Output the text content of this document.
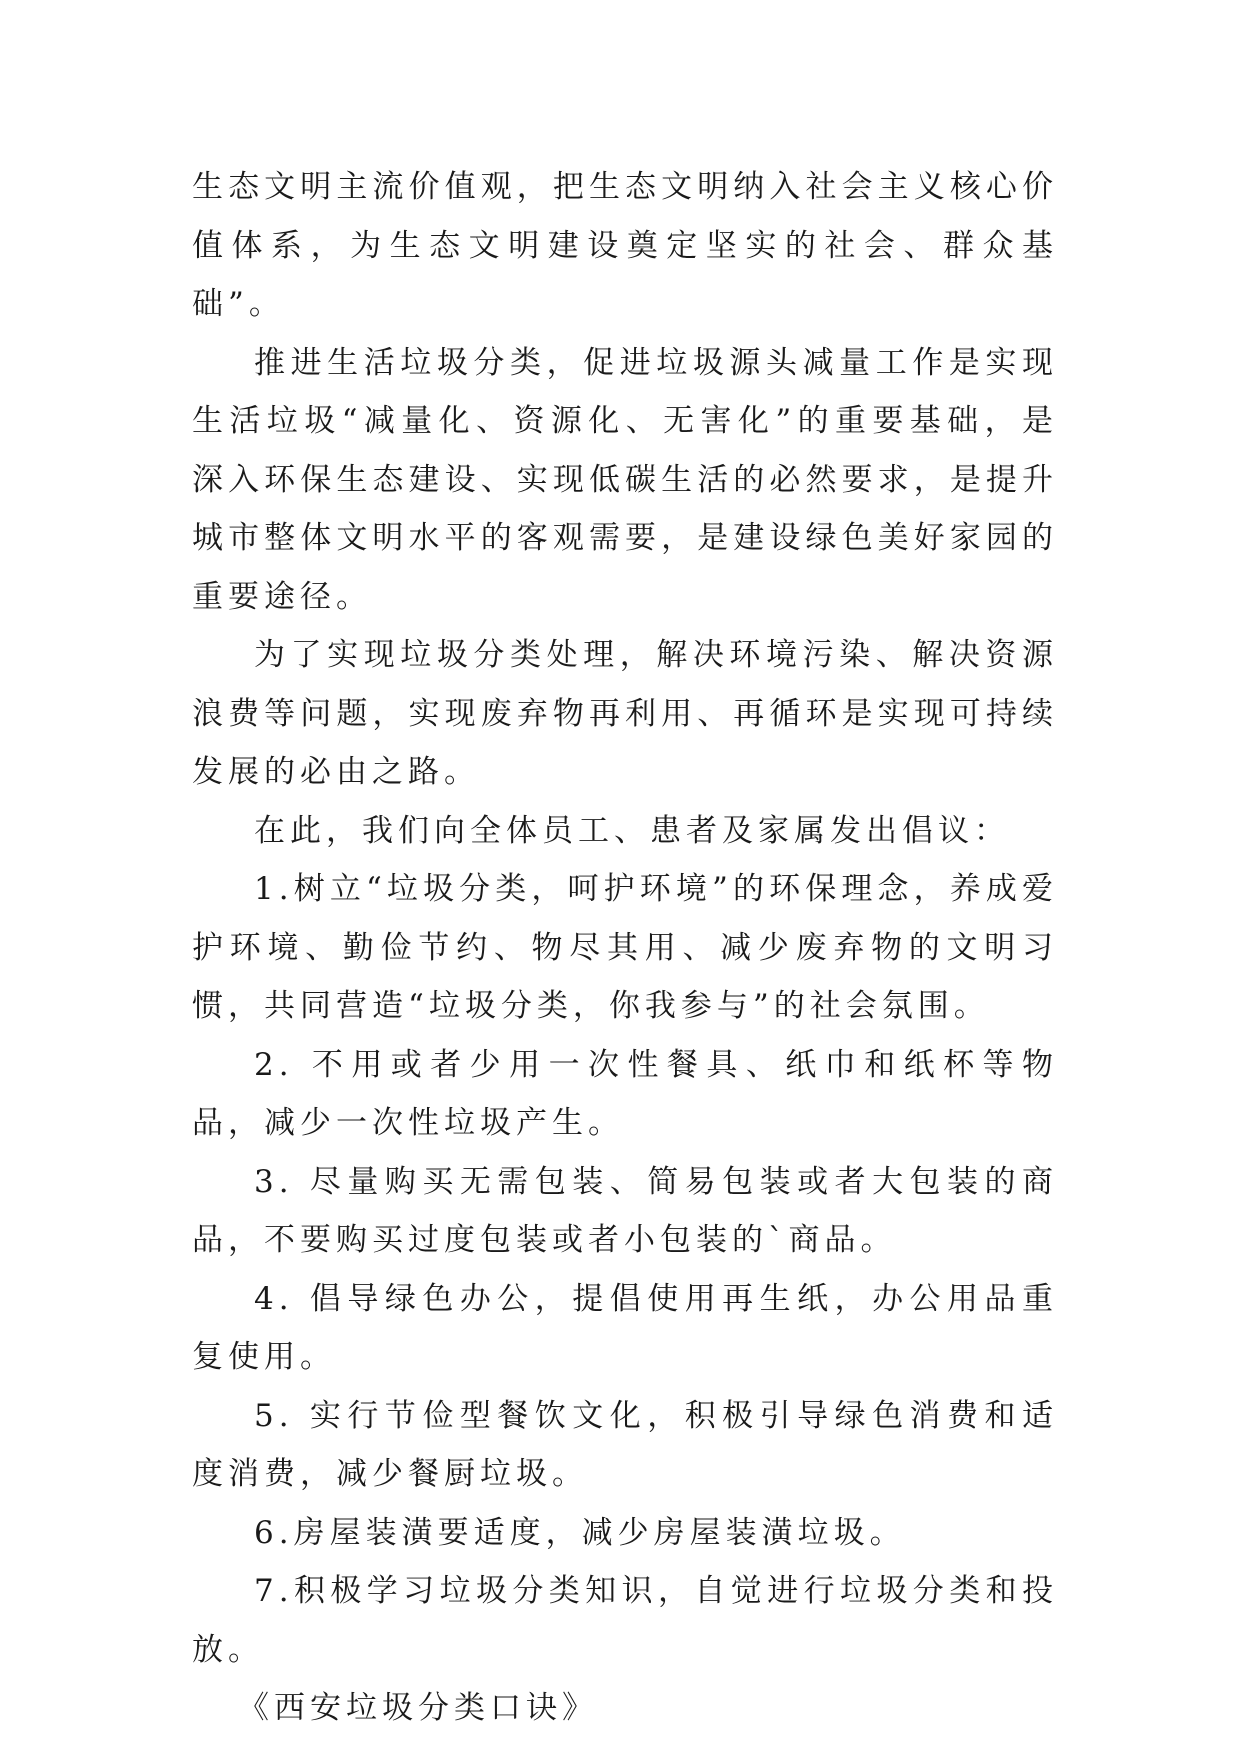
生态文明主流价值观，把生态文明纳入社会主义核心价值体系，为生态文明建设奠定坚实的社会、群众基础”。

推进生活垃圾分类，促进垃圾源头减量工作是实现生活垃圾“减量化、资源化、无害化”的重要基础，是深入环保生态建设、实现低碳生活的必然要求，是提升城市整体文明水平的客观需要，是建设绿色美好家园的重要途径。

为了实现垃圾分类处理，解决环境污染、解决资源浪费等问题，实现废弃物再利用、再循环是实现可持续发展的必由之路。

在此，我们向全体员工、患者及家属发出倡议：

1.树立“垃圾分类，呵护环境”的环保理念，养成爱护环境、勤俭节约、物尽其用、减少废弃物的文明习惯，共同营造“垃圾分类，你我参与”的社会氛围。

2. 不用或者少用一次性餐具、纸巾和纸杯等物品，减少一次性垃圾产生。

3. 尽量购买无需包装、简易包装或者大包装的商品，不要购买过度包装或者小包装的`商品。

4. 倡导绿色办公，提倡使用再生纸，办公用品重复使用。

5. 实行节俭型餐饮文化，积极引导绿色消费和适度消费，减少餐厨垃圾。

6.房屋装潢要适度，减少房屋装潢垃圾。

7.积极学习垃圾分类知识，自觉进行垃圾分类和投放。

《西安垃圾分类口诀》
